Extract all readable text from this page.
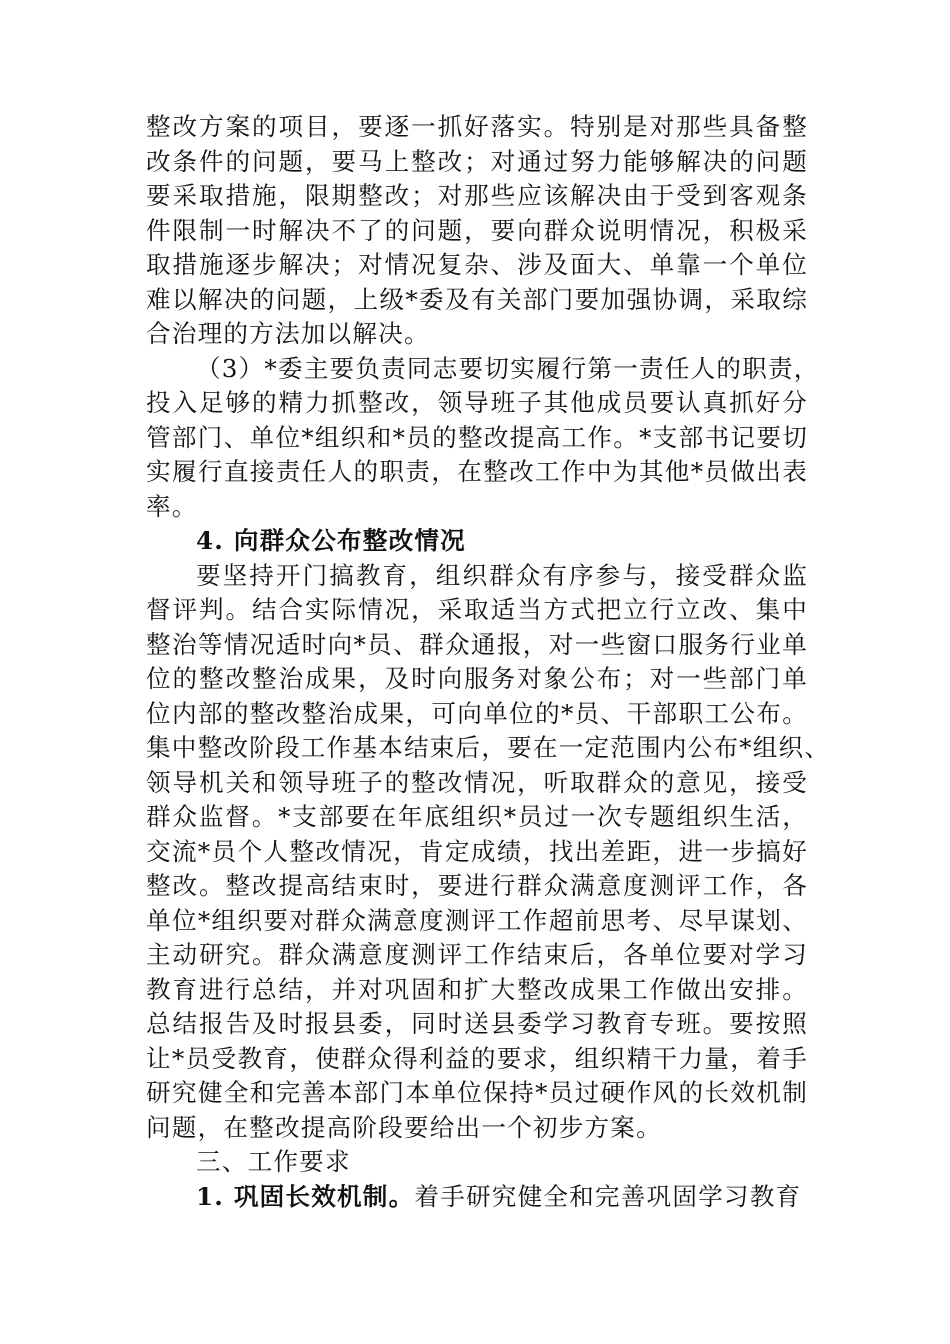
整改方案的项目，要逐一抓好落实。特别是对那些具备整
改条件的问题，要马上整改；对通过努力能够解决的问题
要采取措施，限期整改；对那些应该解决由于受到客观条
件限制一时解决不了的问题，要向群众说明情况，积极采
取措施逐步解决；对情况复杂、涉及面大、单靠一个单位
难以解决的问题，上级*委及有关部门要加强协调，采取综
合治理的方法加以解决。
（3）*委主要负责同志要切实履行第一责任人的职责，
投入足够的精力抓整改，领导班子其他成员要认真抓好分
管部门、单位*组织和*员的整改提高工作。*支部书记要切
实履行直接责任人的职责，在整改工作中为其他*员做出表
率。
4. 向群众公布整改情况
要坚持开门搞教育，组织群众有序参与，接受群众监
督评判。结合实际情况，采取适当方式把立行立改、集中
整治等情况适时向*员、群众通报，对一些窗口服务行业单
位的整改整治成果，及时向服务对象公布；对一些部门单
位内部的整改整治成果，可向单位的*员、干部职工公布。
集中整改阶段工作基本结束后，要在一定范围内公布*组织、
领导机关和领导班子的整改情况，听取群众的意见，接受
群众监督。*支部要在年底组织*员过一次专题组织生活，
交流*员个人整改情况，肯定成绩，找出差距，进一步搞好
整改。整改提高结束时，要进行群众满意度测评工作，各
单位*组织要对群众满意度测评工作超前思考、尽早谋划、
主动研究。群众满意度测评工作结束后，各单位要对学习
教育进行总结，并对巩固和扩大整改成果工作做出安排。
总结报告及时报县委，同时送县委学习教育专班。要按照
让*员受教育，使群众得利益的要求，组织精干力量，着手
研究健全和完善本部门本单位保持*员过硬作风的长效机制
问题，在整改提高阶段要给出一个初步方案。
三、工作要求
1. 巩固长效机制。着手研究健全和完善巩固学习教育
